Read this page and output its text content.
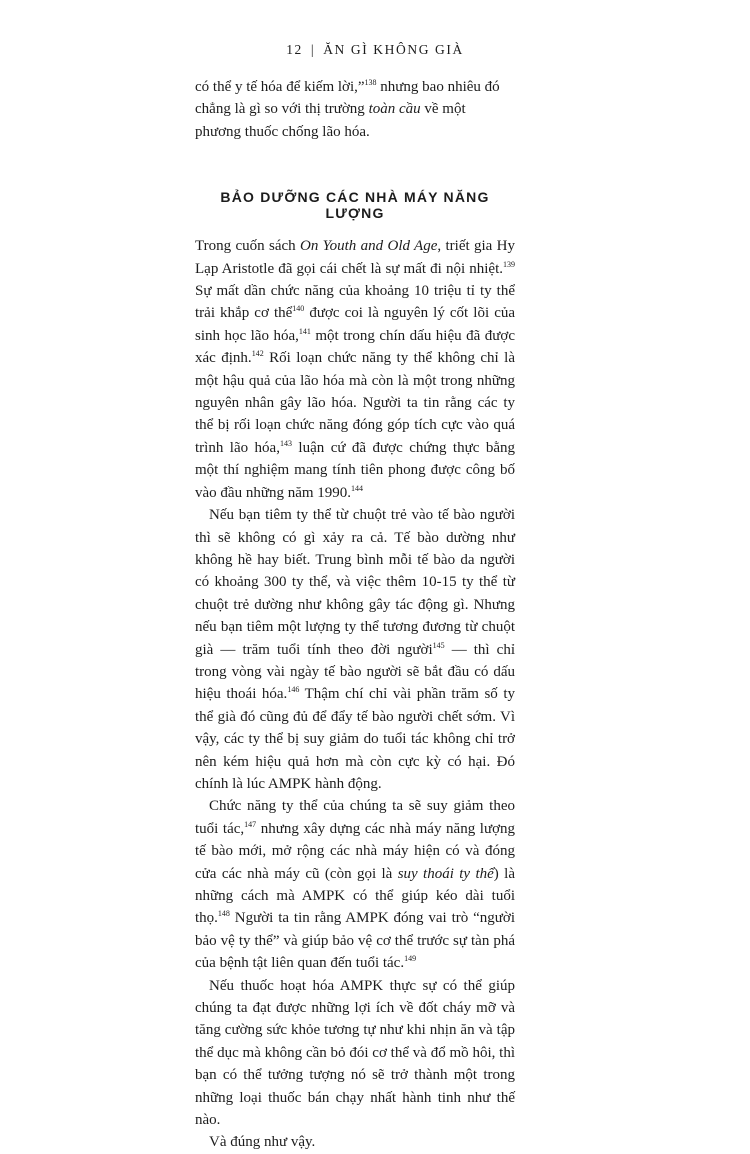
12 | ĂN GÌ KHÔNG GIÀ

có thể y tế hóa để kiếm lời,”$^{138}$ nhưng bao nhiêu đó chẳng là gì so với thị trường toàn cầu về một phương thuốc chống lão hóa.

BẢO DƯỠNG CÁC NHÀ MÁY NĂNG LƯỢNG

Trong cuốn sách On Youth and Old Age, triết gia Hy Lạp Aristotle đã gọi cái chết là sự mất đi nội nhiệt.$^{139}$ Sự mất dần chức năng của khoảng 10 triệu tỉ ty thể trải khắp cơ thể$^{140}$ được coi là nguyên lý cốt lõi của sinh học lão hóa,$^{141}$ một trong chín dấu hiệu đã được xác định.$^{142}$ Rối loạn chức năng ty thể không chỉ là một hậu quả của lão hóa mà còn là một trong những nguyên nhân gây lão hóa. Người ta tin rằng các ty thể bị rối loạn chức năng đóng góp tích cực vào quá trình lão hóa,$^{143}$ luận cứ đã được chứng thực bằng một thí nghiệm mang tính tiên phong được công bố vào đầu những năm 1990.$^{144}$

Nếu bạn tiêm ty thể từ chuột trẻ vào tế bào người thì sẽ không có gì xảy ra cả. Tế bào dường như không hề hay biết. Trung bình mỗi tế bào da người có khoảng 300 ty thể, và việc thêm 10-15 ty thể từ chuột trẻ dường như không gây tác động gì. Nhưng nếu bạn tiêm một lượng ty thể tương đương từ chuột già — trăm tuổi tính theo đời người$^{145}$ — thì chỉ trong vòng vài ngày tế bào người sẽ bắt đầu có dấu hiệu thoái hóa.$^{146}$ Thậm chí chỉ vài phần trăm số ty thể già đó cũng đủ để đẩy tế bào người chết sớm. Vì vậy, các ty thể bị suy giảm do tuổi tác không chỉ trở nên kém hiệu quả hơn mà còn cực kỳ có hại. Đó chính là lúc AMPK hành động.

Chức năng ty thể của chúng ta sẽ suy giảm theo tuổi tác,$^{147}$ nhưng xây dựng các nhà máy năng lượng tế bào mới, mở rộng các nhà máy hiện có và đóng cửa các nhà máy cũ (còn gọi là suy thoái ty thể) là những cách mà AMPK có thể giúp kéo dài tuổi thọ.$^{148}$ Người ta tin rằng AMPK đóng vai trò “người bảo vệ ty thể” và giúp bảo vệ cơ thể trước sự tàn phá của bệnh tật liên quan đến tuổi tác.$^{149}$

Nếu thuốc hoạt hóa AMPK thực sự có thể giúp chúng ta đạt được những lợi ích về đốt cháy mỡ và tăng cường sức khỏe tương tự như khi nhịn ăn và tập thể dục mà không cần bỏ đói cơ thể và đổ mồ hôi, thì bạn có thể tưởng tượng nó sẽ trở thành một trong những loại thuốc bán chạy nhất hành tinh như thế nào.

Và đúng như vậy.
